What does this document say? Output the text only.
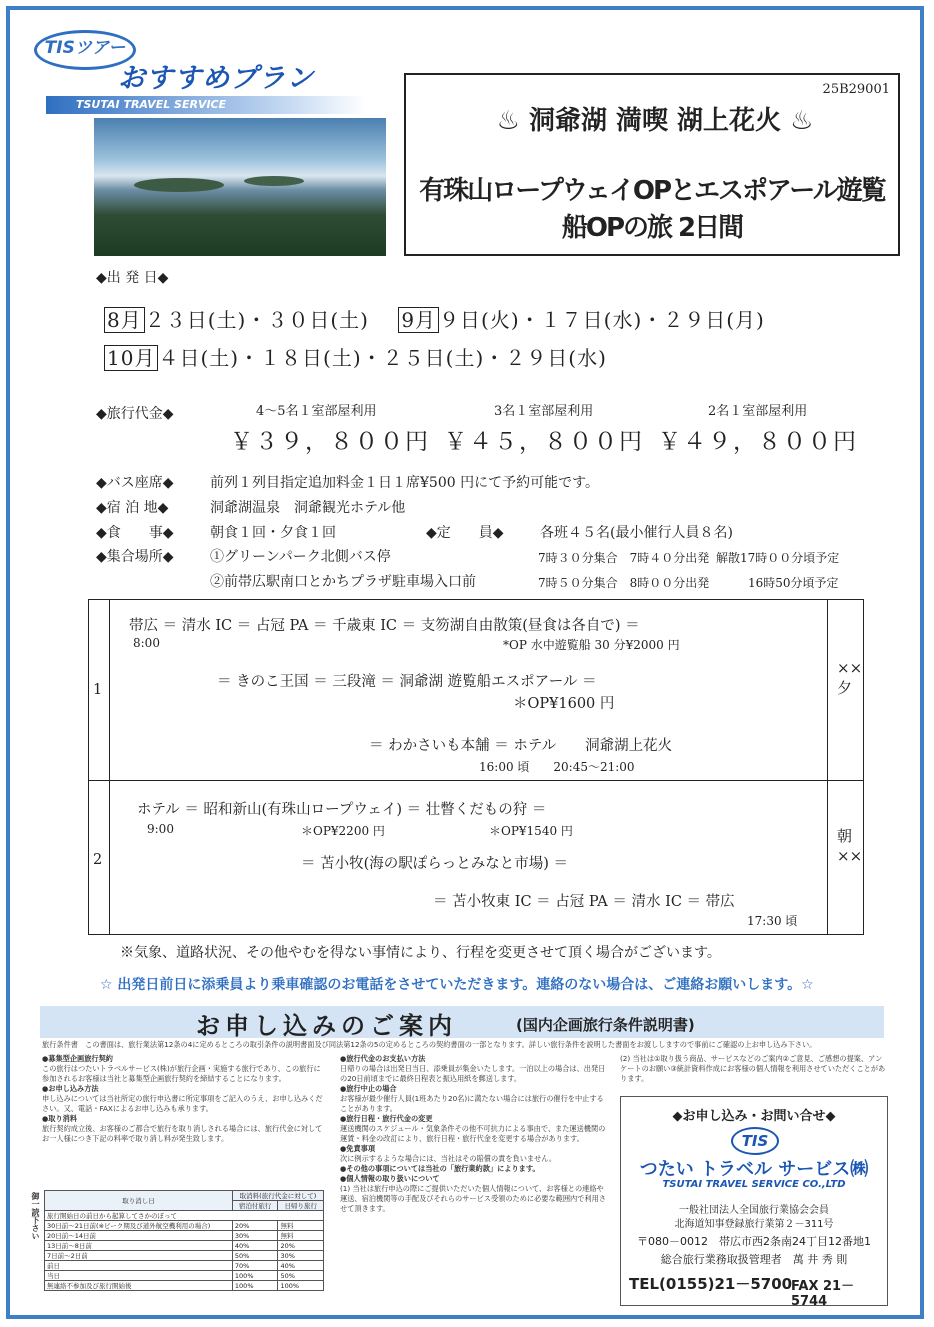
TISツアー
おすすめプラン
TSUTAI TRAVEL SERVICE
25B29001
♨ 洞爺湖 満喫 湖上花火 ♨
有珠山ロープウェイOPとエスポアール遊覧船OPの旅 2日間
◆出 発 日◆
8月 ２３日(土)・３０日(土) 9月 ９日(火)・１７日(水)・２９日(月)
10月 ４日(土)・１８日(土)・２５日(土)・２９日(水)
◆旅行代金◆	4～5名１室部屋利用	3名１室部屋利用	2名１室部屋利用
￥３９，８００円 ￥４５，８００円 ￥４９，８００円
◆バス座席◆	前列１列目指定追加料金１日１席¥500 円にて予約可能です。
◆宿 泊 地◆	洞爺湖温泉　洞爺観光ホテル他
◆食　　事◆	朝食１回・夕食１回	◆定　　員◆	各班４５名(最小催行人員８名)
◆集合場所◆	①グリーンパーク北側バス停	7時３０分集合　7時４０分出発 解散17時００分頃予定
②前帯広駅南口とかちプラザ駐車場入口前	7時５０分集合　8時００分出発	16時50分頃予定
1
帯広 ＝ 清水 IC ＝ 占冠 PA ＝ 千歳東 IC ＝ 支笏湖自由散策(昼食は各自で) ＝
8:00	*OP 水中遊覧船 30 分¥2000 円
＝ きのこ王国 ＝ 三段滝 ＝ 洞爺湖 遊覧船エスポアール ＝
＊OP¥1600 円
＝ わかさいも本舗 ＝ ホテル　　洞爺湖上花火
16:00 頃　　20:45～21:00
××夕
2
ホテル ＝ 昭和新山(有珠山ロープウェイ) ＝ 壮瞥くだもの狩 ＝
9:00	＊OP¥2200 円	＊OP¥1540 円
＝ 苫小牧(海の駅ぽらっとみなと市場) ＝
＝ 苫小牧東 IC ＝ 占冠 PA ＝ 清水 IC ＝ 帯広
17:30 頃
朝××
※気象、道路状況、その他やむを得ない事情により、行程を変更させて頂く場合がございます。
☆ 出発日前日に添乗員より乗車確認のお電話をさせていただきます。連絡のない場合は、ご連絡お願いします。☆
お申し込みのご案内	(国内企画旅行条件説明書)
旅行条件書　この書面は、旅行業法第12条の4に定めるところの取引条件の説明書面及び同法第12条の5の定めるところの契約書面の一部となります。詳しい旅行条件を説明した書面をお渡ししますので事前にご確認の上お申し込み下さい。
●募集型企画旅行契約
この旅行はつたいトラベルサービス(株)が旅行企画・実施する旅行であり、この旅行に参加されるお客様は当社と募集型企画旅行契約を締結することになります。
●お申し込み方法
申し込みについては当社所定の旅行申込書に所定事項をご記入のうえ、お申し込みください。又、電話・FAXによるお申し込みも承ります。
●取り消料
旅行契約成立後、お客様のご都合で旅行を取り消しされる場合には、旅行代金に対してお一人様につき下記の料率で取り消し料が発生致します。
御一読下さい	取り消し日	取消料(旅行代金に対して)	
	宿泊付旅行	日帰り旅行
旅行開始日の前日から起算してさかのぼって		
30日前～21日前(※ピーク期及び道外航空機利用の場合)	20%	無料
20日前～14日前	30%	無料
13日前～8日前	40%	20%
7日前～2日前	50%	30%
前日	70%	40%
当日	100%	50%
無連絡不参加及び旅行開始後	100%	100%
●旅行代金のお支払い方法
日帰りの場合は出発日当日、添乗員が集金いたします。一泊以上の場合は、出発日の20日前頃までに最終日程表と振込用紙を郵送します。
●旅行中止の場合
お客様が最少催行人員(1班あたり20名)に満たない場合には旅行の催行を中止することがあります。
●旅行日程・旅行代金の変更
運送機関のスケジュール・気象条件その他不可抗力による事由で、また運送機関の運賃・料金の改訂により、旅行日程・旅行代金を変更する場合があります。
●免責事項
次に例示するような場合には、当社はその賠償の責を負いません。
●その他の事項については当社の「旅行業約款」によります。
●個人情報の取り扱いについて
(1) 当社は旅行申込の際にご提供いただいた個人情報について、お客様との連絡や運送、宿泊機関等の手配及びそれらのサービス受領のために必要な範囲内で利用させて頂きます。
(2) 当社は①取り扱う商品、サービスなどのご案内②ご意見、ご感想の提案、アンケートのお願い③統計資料作成にお客様の個人情報を利用させていただくことがあります。
◆お申し込み・お問い合せ◆
TIS
つたい トラベル サービス㈱
TSUTAI TRAVEL SERVICE CO.,LTD
一般社団法人全国旅行業協会会員
北海道知事登録旅行業第２－311号
〒080－0012　帯広市西2条南24丁目12番地1
総合旅行業務取扱管理者　萬 井 秀 則
TEL(0155)21－5700
FAX 21－5744
